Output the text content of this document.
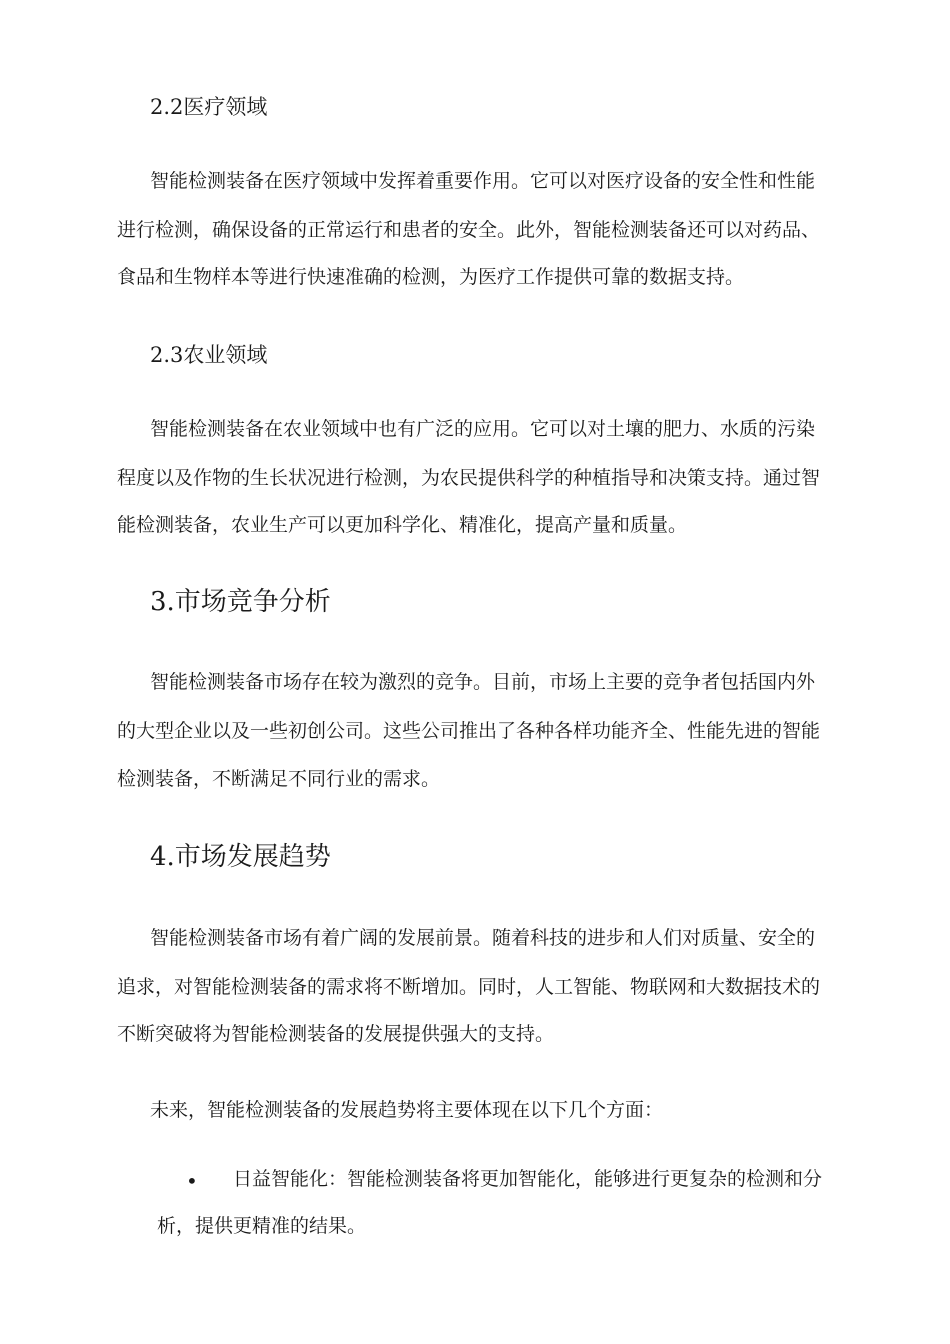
2.2医疗领域
智能检测装备在医疗领域中发挥着重要作用。它可以对医疗设备的安全性和性能
进行检测，确保设备的正常运行和患者的安全。此外，智能检测装备还可以对药品、
食品和生物样本等进行快速准确的检测，为医疗工作提供可靠的数据支持。
2.3农业领域
智能检测装备在农业领域中也有广泛的应用。它可以对土壤的肥力、水质的污染
程度以及作物的生长状况进行检测，为农民提供科学的种植指导和决策支持。通过智
能检测装备，农业生产可以更加科学化、精准化，提高产量和质量。
3.市场竞争分析
智能检测装备市场存在较为激烈的竞争。目前，市场上主要的竞争者包括国内外
的大型企业以及一些初创公司。这些公司推出了各种各样功能齐全、性能先进的智能
检测装备，不断满足不同行业的需求。
4.市场发展趋势
智能检测装备市场有着广阔的发展前景。随着科技的进步和人们对质量、安全的
追求，对智能检测装备的需求将不断增加。同时，人工智能、物联网和大数据技术的
不断突破将为智能检测装备的发展提供强大的支持。
未来，智能检测装备的发展趋势将主要体现在以下几个方面：
• 日益智能化：智能检测装备将更加智能化，能够进行更复杂的检测和分
析，提供更精准的结果。
